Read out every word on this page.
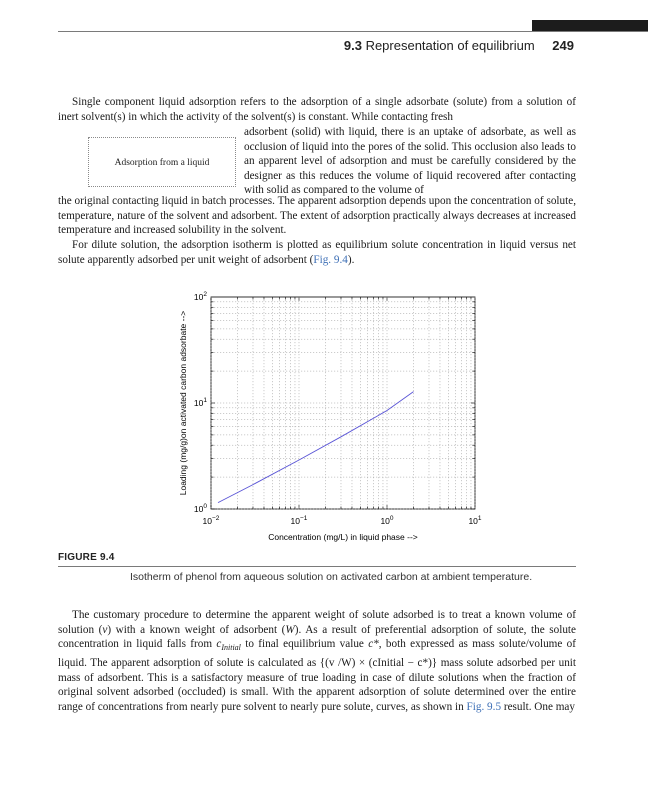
9.3 Representation of equilibrium 249
Single component liquid adsorption refers to the adsorption of a single adsorbate (solute) from a solution of inert solvent(s) in which the activity of the solvent(s) is constant. While contacting fresh
Adsorption from a liquid
adsorbent (solid) with liquid, there is an uptake of adsorbate, as well as occlusion of liquid into the pores of the solid. This occlusion also leads to an apparent level of adsorption and must be carefully considered by the designer as this reduces the volume of liquid recovered after contacting with solid as compared to the volume of
the original contacting liquid in batch processes. The apparent adsorption depends upon the concentration of solute, temperature, nature of the solvent and adsorbent. The extent of adsorption practically always decreases at increased temperature and increased solubility in the solvent.
For dilute solution, the adsorption isotherm is plotted as equilibrium solute concentration in liquid versus net solute apparently adsorbed per unit weight of adsorbent (Fig. 9.4).
$10^{-2}$	$10^{-1}$	$10^0$	$10^1$
$10^0$
$10^1$
$10^2$
Concentration (mg/L) in liquid phase -->
Loading (mg/g)on activated carbon adsorbate -->
FIGURE 9.4
Isotherm of phenol from aqueous solution on activated carbon at ambient temperature.
The customary procedure to determine the apparent weight of solute adsorbed is to treat a known volume of solution (v) with a known weight of adsorbent (W). As a result of preferential adsorption of solute, the solute concentration in liquid falls from $c_{Initial}$ to final equilibrium value c*, both expressed as mass solute/volume of liquid. The apparent adsorption of solute is calculated as {(v /W) × (cInitial − c*)} mass solute adsorbed per unit mass of adsorbent. This is a satisfactory measure of true loading in case of dilute solutions when the fraction of original solvent adsorbed (occluded) is small. With the apparent adsorption of solute determined over the entire range of concentrations from nearly pure solvent to nearly pure solute, curves, as shown in Fig. 9.5 result. One may
